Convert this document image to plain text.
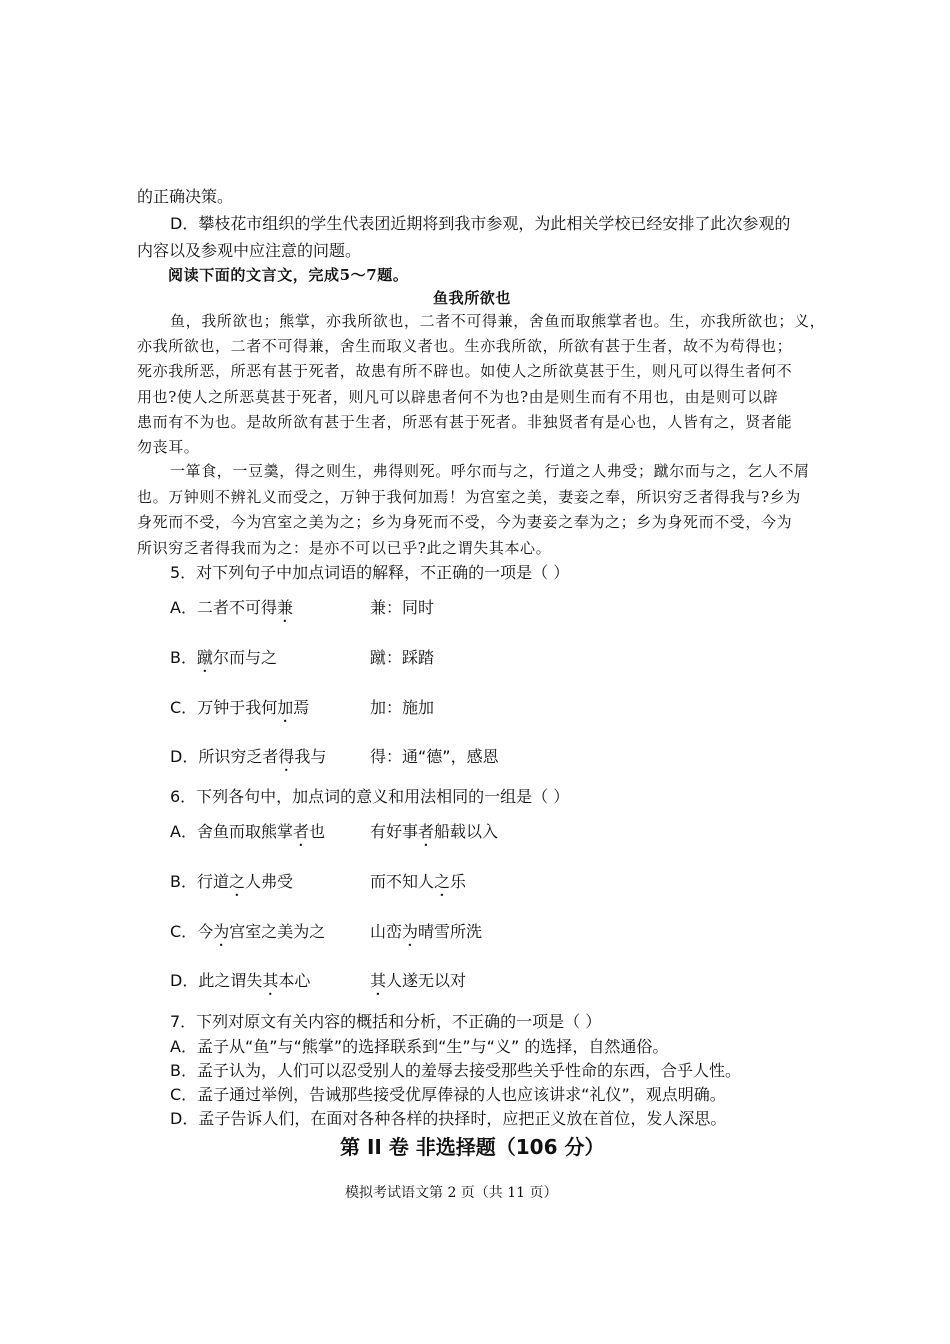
的正确决策。
D．攀枝花市组织的学生代表团近期将到我市参观，为此相关学校已经安排了此次参观的
内容以及参观中应注意的问题。
阅读下面的文言文，完成5～7题。
鱼我所欲也
鱼，我所欲也；熊掌，亦我所欲也，二者不可得兼，舍鱼而取熊掌者也。生，亦我所欲也；义，
亦我所欲也，二者不可得兼，舍生而取义者也。生亦我所欲，所欲有甚于生者，故不为苟得也；
死亦我所恶，所恶有甚于死者，故患有所不辟也。如使人之所欲莫甚于生，则凡可以得生者何不
用也?使人之所恶莫甚于死者，则凡可以辟患者何不为也?由是则生而有不用也，由是则可以辟
患而有不为也。是故所欲有甚于生者，所恶有甚于死者。非独贤者有是心也，人皆有之，贤者能
勿丧耳。
一箪食，一豆羹，得之则生，弗得则死。呼尔而与之，行道之人弗受；蹴尔而与之，乞人不屑
也。万钟则不辨礼义而受之，万钟于我何加焉！为宫室之美，妻妾之奉，所识穷乏者得我与?乡为
身死而不受，今为宫室之美为之；乡为身死而不受，今为妻妾之奉为之；乡为身死而不受，今为
所识穷乏者得我而为之：是亦不可以已乎?此之谓失其本心。
5．对下列句子中加点词语的解释，不正确的一项是（ ）
A．二者不可得兼	兼：同时
B．蹴尔而与之	蹴：踩踏
C．万钟于我何加焉	加：施加
D．所识穷乏者得我与	得：通“德”，感恩
6．下列各句中，加点词的意义和用法相同的一组是（ ）
A．舍鱼而取熊掌者也	有好事者船载以入
B．行道之人弗受	而不知人之乐
C．今为宫室之美为之	山峦为晴雪所洗
D．此之谓失其本心	其人遂无以对
7．下列对原文有关内容的概括和分析，不正确的一项是（ ）
A．孟子从“鱼”与“熊掌”的选择联系到“生”与“义” 的选择，自然通俗。
B．孟子认为，人们可以忍受别人的羞辱去接受那些关乎性命的东西，合乎人性。
C．孟子通过举例，告诫那些接受优厚俸禄的人也应该讲求“礼仪”，观点明确。
D．孟子告诉人们，在面对各种各样的抉择时，应把正义放在首位，发人深思。
第 II 卷 非选择题（106 分）
模拟考试语文第 2 页（共 11 页）
